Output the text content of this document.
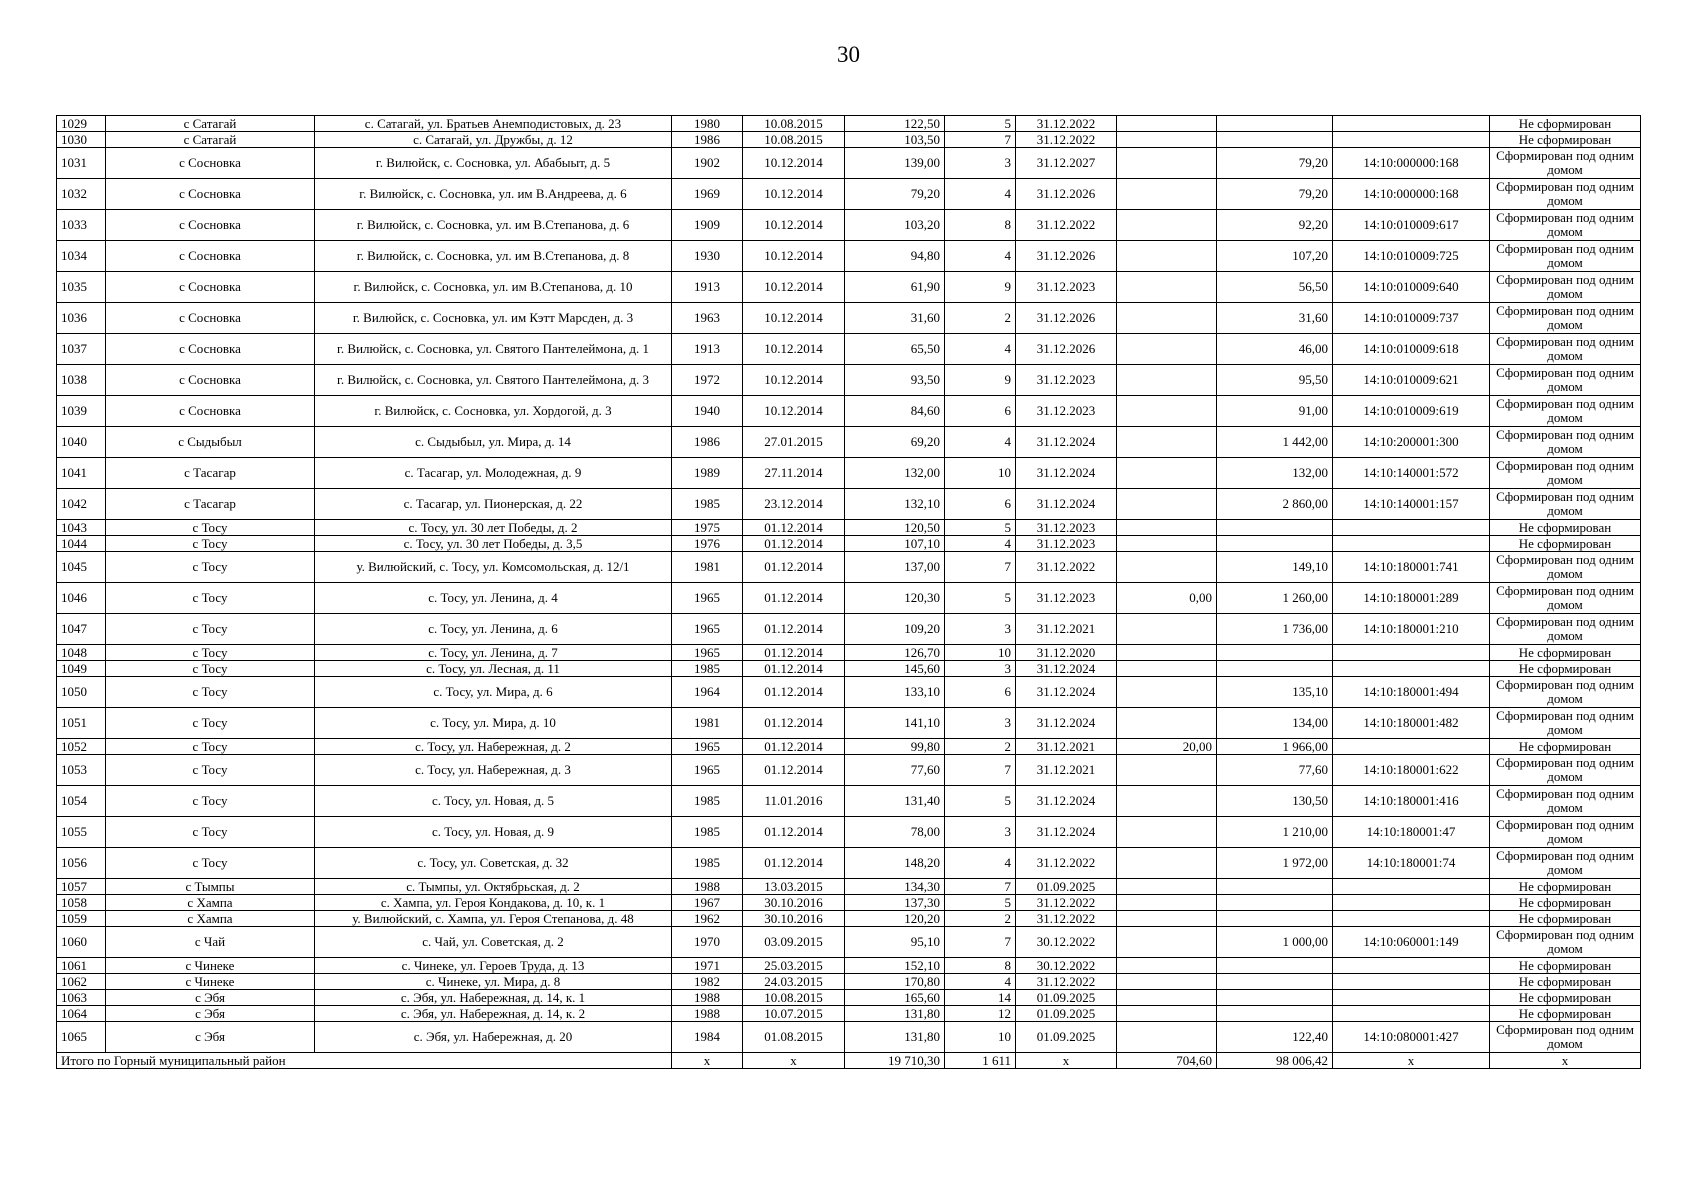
30
1029	с Сатагай	с. Сатагай, ул. Братьев Анемподистовых, д. 23	1980	10.08.2015	122,50	5	31.12.2022				Не сформирован
1030	с Сатагай	с. Сатагай, ул. Дружбы, д. 12	1986	10.08.2015	103,50	7	31.12.2022				Не сформирован
1031	с Сосновка	г. Вилюйск, с. Сосновка, ул. Абабыыт, д. 5	1902	10.12.2014	139,00	3	31.12.2027		79,20	14:10:000000:168	Сформирован под одним домом
1032	с Сосновка	г. Вилюйск, с. Сосновка, ул. им В.Андреева, д. 6	1969	10.12.2014	79,20	4	31.12.2026		79,20	14:10:000000:168	Сформирован под одним домом
1033	с Сосновка	г. Вилюйск, с. Сосновка, ул. им В.Степанова, д. 6	1909	10.12.2014	103,20	8	31.12.2022		92,20	14:10:010009:617	Сформирован под одним домом
1034	с Сосновка	г. Вилюйск, с. Сосновка, ул. им В.Степанова, д. 8	1930	10.12.2014	94,80	4	31.12.2026		107,20	14:10:010009:725	Сформирован под одним домом
1035	с Сосновка	г. Вилюйск, с. Сосновка, ул. им В.Степанова, д. 10	1913	10.12.2014	61,90	9	31.12.2023		56,50	14:10:010009:640	Сформирован под одним домом
1036	с Сосновка	г. Вилюйск, с. Сосновка, ул. им Кэтт Марсден, д. 3	1963	10.12.2014	31,60	2	31.12.2026		31,60	14:10:010009:737	Сформирован под одним домом
1037	с Сосновка	г. Вилюйск, с. Сосновка, ул. Святого Пантелеймона, д. 1	1913	10.12.2014	65,50	4	31.12.2026		46,00	14:10:010009:618	Сформирован под одним домом
1038	с Сосновка	г. Вилюйск, с. Сосновка, ул. Святого Пантелеймона, д. 3	1972	10.12.2014	93,50	9	31.12.2023		95,50	14:10:010009:621	Сформирован под одним домом
1039	с Сосновка	г. Вилюйск, с. Сосновка, ул. Хордогой, д. 3	1940	10.12.2014	84,60	6	31.12.2023		91,00	14:10:010009:619	Сформирован под одним домом
1040	с Сыдыбыл	с. Сыдыбыл, ул. Мира, д. 14	1986	27.01.2015	69,20	4	31.12.2024		1 442,00	14:10:200001:300	Сформирован под одним домом
1041	с Тасагар	с. Тасагар, ул. Молодежная, д. 9	1989	27.11.2014	132,00	10	31.12.2024		132,00	14:10:140001:572	Сформирован под одним домом
1042	с Тасагар	с. Тасагар, ул. Пионерская, д. 22	1985	23.12.2014	132,10	6	31.12.2024		2 860,00	14:10:140001:157	Сформирован под одним домом
1043	с Тосу	с. Тосу, ул. 30 лет Победы, д. 2	1975	01.12.2014	120,50	5	31.12.2023				Не сформирован
1044	с Тосу	с. Тосу, ул. 30 лет Победы, д. 3,5	1976	01.12.2014	107,10	4	31.12.2023				Не сформирован
1045	с Тосу	у. Вилюйский, с. Тосу, ул. Комсомольская, д. 12/1	1981	01.12.2014	137,00	7	31.12.2022		149,10	14:10:180001:741	Сформирован под одним домом
1046	с Тосу	с. Тосу, ул. Ленина, д. 4	1965	01.12.2014	120,30	5	31.12.2023	0,00	1 260,00	14:10:180001:289	Сформирован под одним домом
1047	с Тосу	с. Тосу, ул. Ленина, д. 6	1965	01.12.2014	109,20	3	31.12.2021		1 736,00	14:10:180001:210	Сформирован под одним домом
1048	с Тосу	с. Тосу, ул. Ленина, д. 7	1965	01.12.2014	126,70	10	31.12.2020				Не сформирован
1049	с Тосу	с. Тосу, ул. Лесная, д. 11	1985	01.12.2014	145,60	3	31.12.2024				Не сформирован
1050	с Тосу	с. Тосу, ул. Мира, д. 6	1964	01.12.2014	133,10	6	31.12.2024		135,10	14:10:180001:494	Сформирован под одним домом
1051	с Тосу	с. Тосу, ул. Мира, д. 10	1981	01.12.2014	141,10	3	31.12.2024		134,00	14:10:180001:482	Сформирован под одним домом
1052	с Тосу	с. Тосу, ул. Набережная, д. 2	1965	01.12.2014	99,80	2	31.12.2021	20,00	1 966,00		Не сформирован
1053	с Тосу	с. Тосу, ул. Набережная, д. 3	1965	01.12.2014	77,60	7	31.12.2021		77,60	14:10:180001:622	Сформирован под одним домом
1054	с Тосу	с. Тосу, ул. Новая, д. 5	1985	11.01.2016	131,40	5	31.12.2024		130,50	14:10:180001:416	Сформирован под одним домом
1055	с Тосу	с. Тосу, ул. Новая, д. 9	1985	01.12.2014	78,00	3	31.12.2024		1 210,00	14:10:180001:47	Сформирован под одним домом
1056	с Тосу	с. Тосу, ул. Советская, д. 32	1985	01.12.2014	148,20	4	31.12.2022		1 972,00	14:10:180001:74	Сформирован под одним домом
1057	с Тымпы	с. Тымпы, ул. Октябрьская, д. 2	1988	13.03.2015	134,30	7	01.09.2025				Не сформирован
1058	с Хампа	с. Хампа, ул. Героя Кондакова, д. 10, к. 1	1967	30.10.2016	137,30	5	31.12.2022				Не сформирован
1059	с Хампа	у. Вилюйский, с. Хампа, ул. Героя Степанова, д. 48	1962	30.10.2016	120,20	2	31.12.2022				Не сформирован
1060	с Чай	с. Чай, ул. Советская, д. 2	1970	03.09.2015	95,10	7	30.12.2022		1 000,00	14:10:060001:149	Сформирован под одним домом
1061	с Чинеке	с. Чинеке, ул. Героев Труда, д. 13	1971	25.03.2015	152,10	8	30.12.2022				Не сформирован
1062	с Чинеке	с. Чинеке, ул. Мира, д. 8	1982	24.03.2015	170,80	4	31.12.2022				Не сформирован
1063	с Эбя	с. Эбя, ул. Набережная, д. 14, к. 1	1988	10.08.2015	165,60	14	01.09.2025				Не сформирован
1064	с Эбя	с. Эбя, ул. Набережная, д. 14, к. 2	1988	10.07.2015	131,80	12	01.09.2025				Не сформирован
1065	с Эбя	с. Эбя, ул. Набережная, д. 20	1984	01.08.2015	131,80	10	01.09.2025		122,40	14:10:080001:427	Сформирован под одним домом
Итого по Горный муниципальный район			x	x	19 710,30	1 611	x	704,60	98 006,42	x	x
